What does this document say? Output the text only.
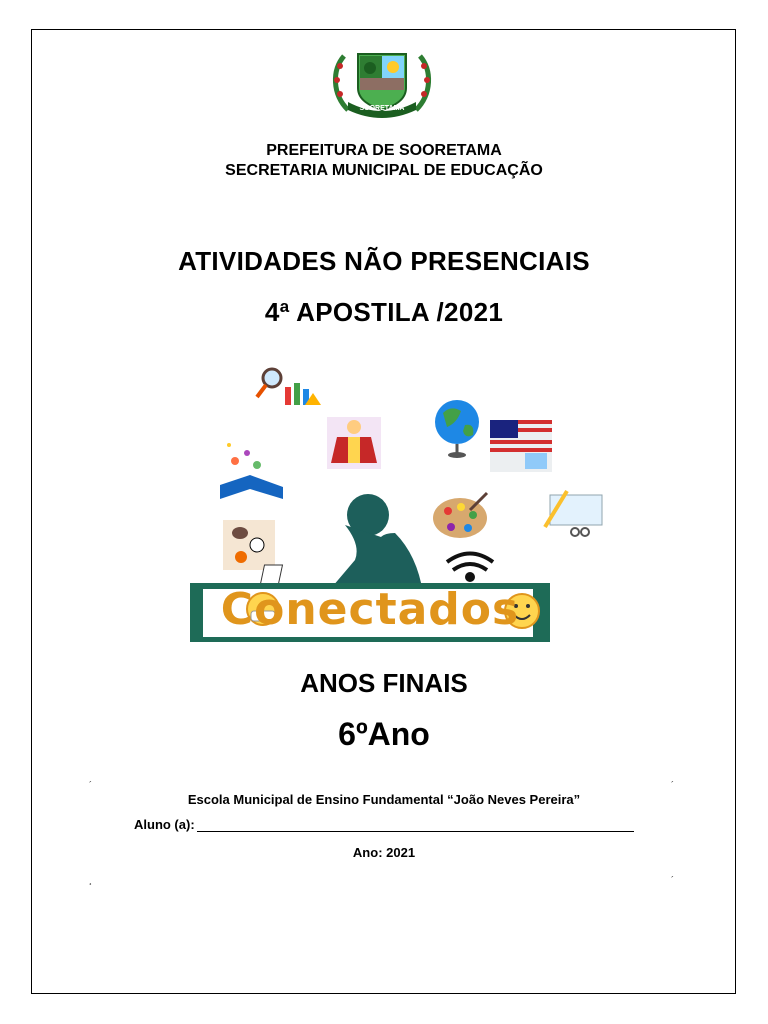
SOORETAMA
PREFEITURA DE SOORETAMA
SECRETARIA MUNICIPAL DE EDUCAÇÃO
ATIVIDADES NÃO PRESENCIAIS
4ª APOSTILA /2021
Conectados
ANOS FINAIS
6ºAno
´	´
¸	´
Escola Municipal de Ensino Fundamental “João Neves Pereira”
Aluno (a):
Ano: 2021
